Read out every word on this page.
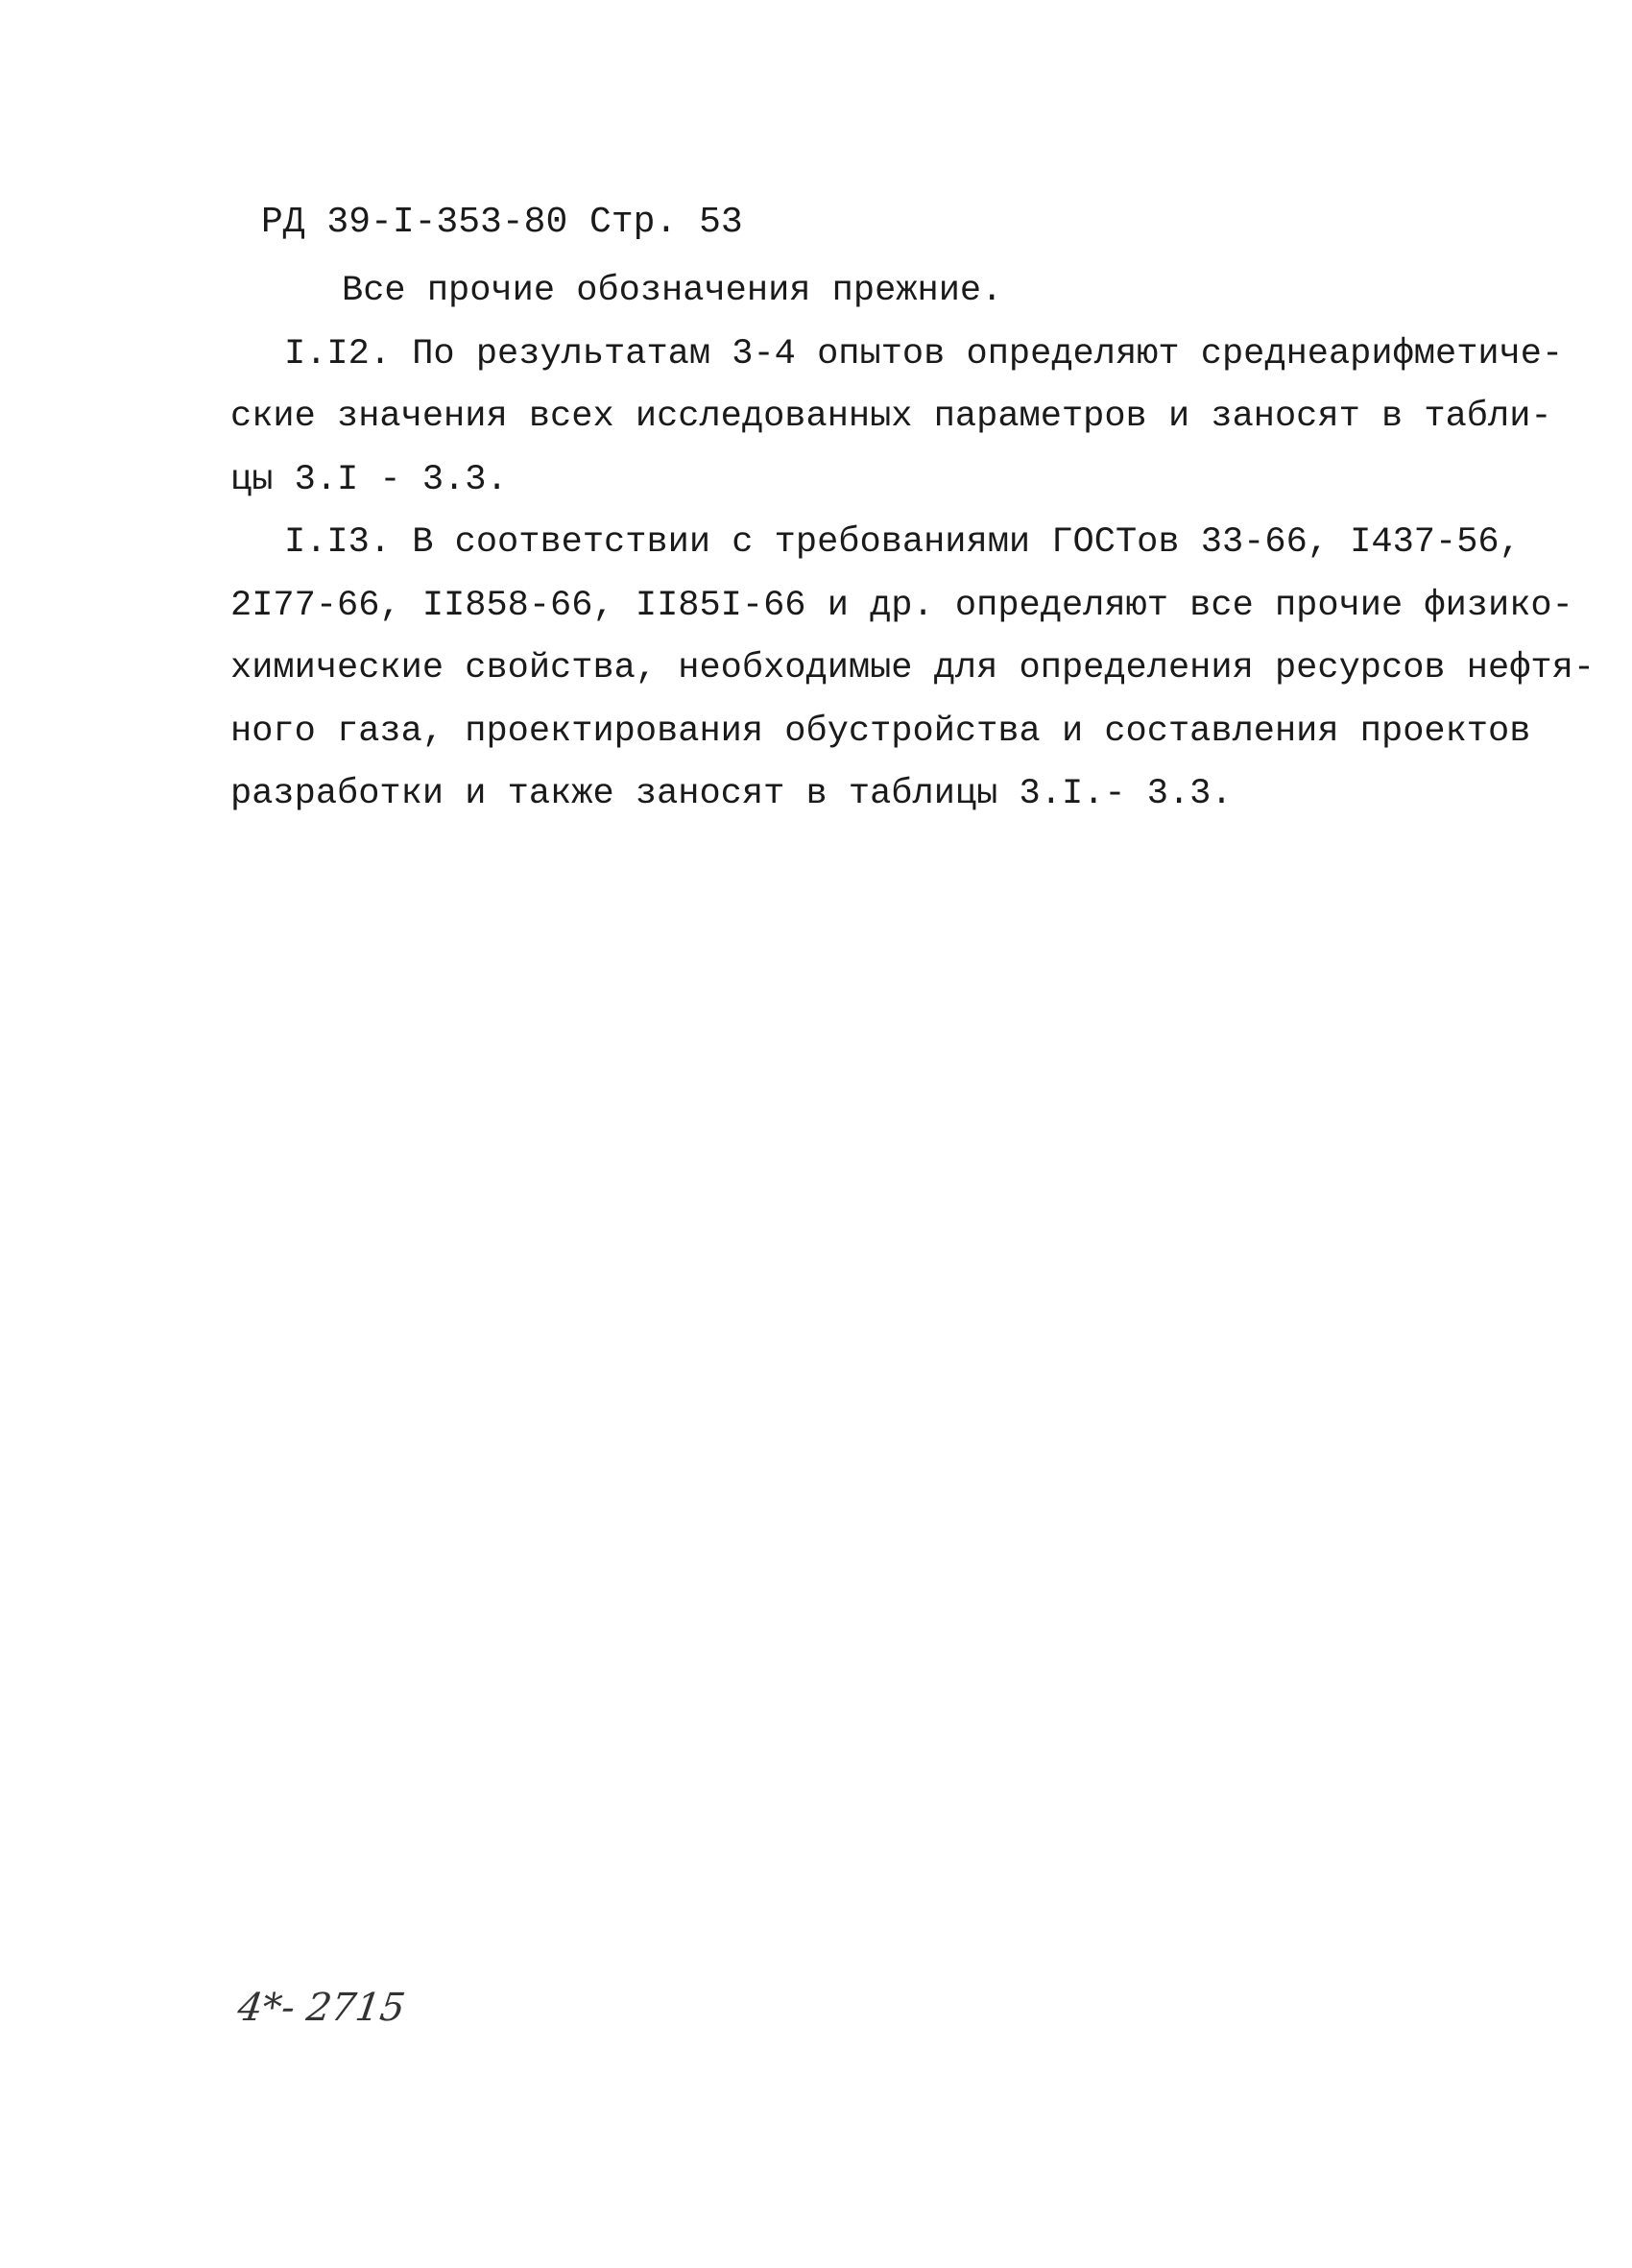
РД 39-I-353-80 Стр. 53
Все прочие обозначения прежние.
I.I2. По результатам 3-4 опытов определяют среднеарифметиче-
ские значения всех исследованных параметров и заносят в табли-
цы 3.I - 3.3.
I.I3. В соответствии с требованиями ГОСТов 33-66, I437-56,
2I77-66, II858-66, II85I-66 и др. определяют все прочие физико-
химические свойства, необходимые для определения ресурсов нефтя-
ного газа, проектирования обустройства и составления проектов
разработки и также заносят в таблицы 3.I.- 3.3.
4*- 2715
